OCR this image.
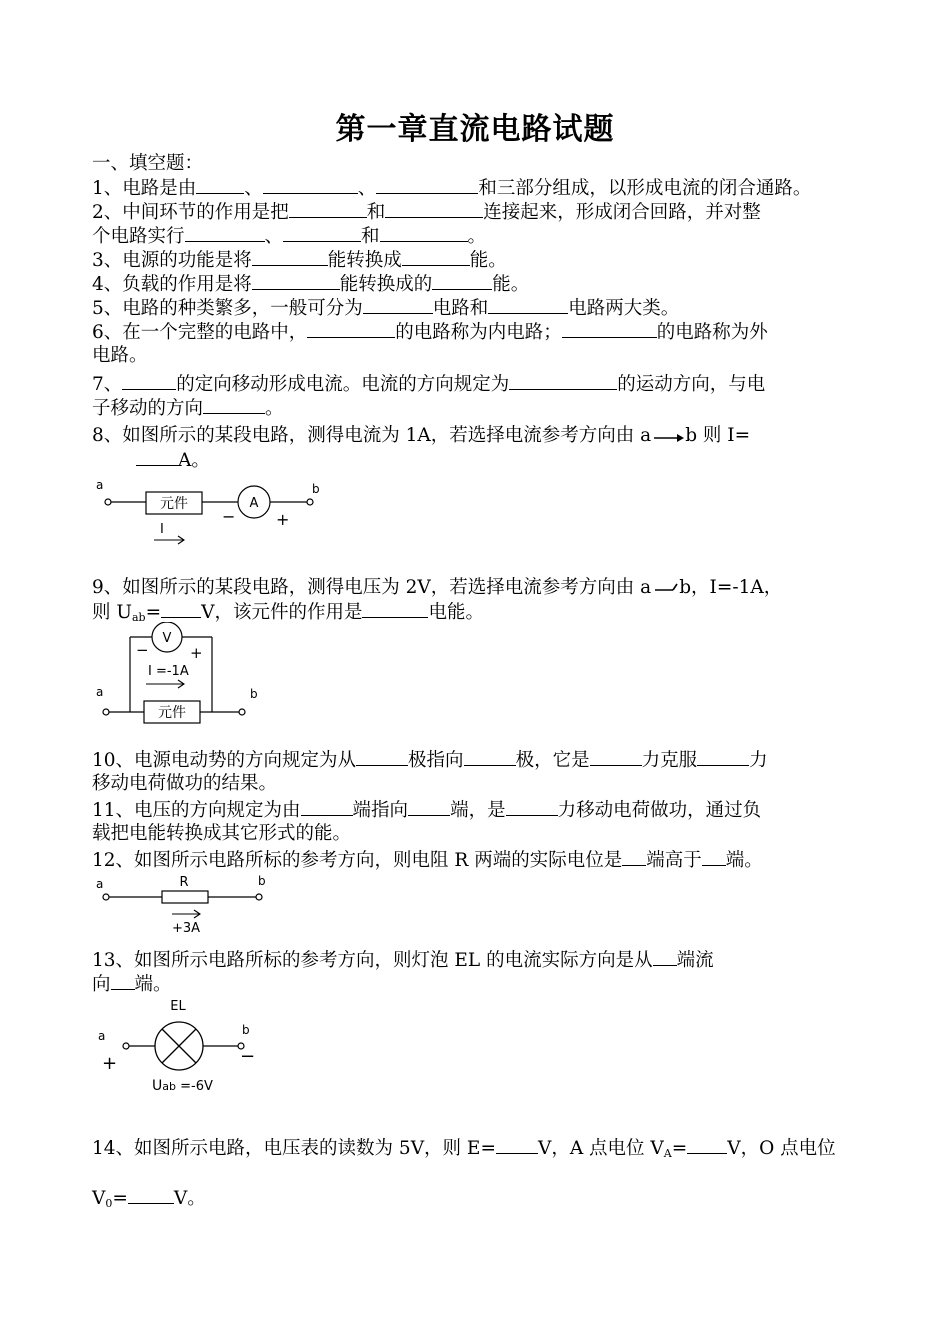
第一章直流电路试题

一、填空题：

1、电路是由	、	、	和三部分组成，以形成电流的闭合通路。

2、中间环节的作用是把	和	连接起来，形成闭合回路，并对整

个电路实行	、	和	。

3、电源的功能是将	能转换成	能。

4、负载的作用是将	能转换成的	能。

5、电路的种类繁多，一般可分为	电路和	电路两大类。

6、在一个完整的电路中，	的电路称为内电路；	的电路称为外

电路。

7、	的定向移动形成电流。电流的方向规定为	的运动方向，与电

子移动的方向	。

8、如图所示的某段电路，测得电流为 1A，若选择电流参考方向由 a b 则 I=

A。

a
元件	A
b
−	+
I

9、如图所示的某段电路，测得电压为 2V，若选择电流参考方向由 a b，I=-1A，

则 $U_{ab}= V$，该元件的作用是	电能。

V
−	+
I =-1A
a
元件
b

10、电源电动势的方向规定为从	极指向	极，它是	力克服	力

移动电荷做功的结果。

11、电压的方向规定为由	端指向 端，是	力移动电荷做功，通过负

载把电能转换成其它形式的能。

12、如图所示电路所标的参考方向，则电阻 R 两端的实际电位是 端高于 端。

a	R	b
+3A

13、如图所示电路所标的参考方向，则灯泡 EL 的电流实际方向是从 端流

向 端。

EL
a	b
+	−
Uab =-6V

14、如图所示电路，电压表的读数为 5V，则 E= V，A 点电位 $V_A= V$，O 点电位

$V_0= V$。
